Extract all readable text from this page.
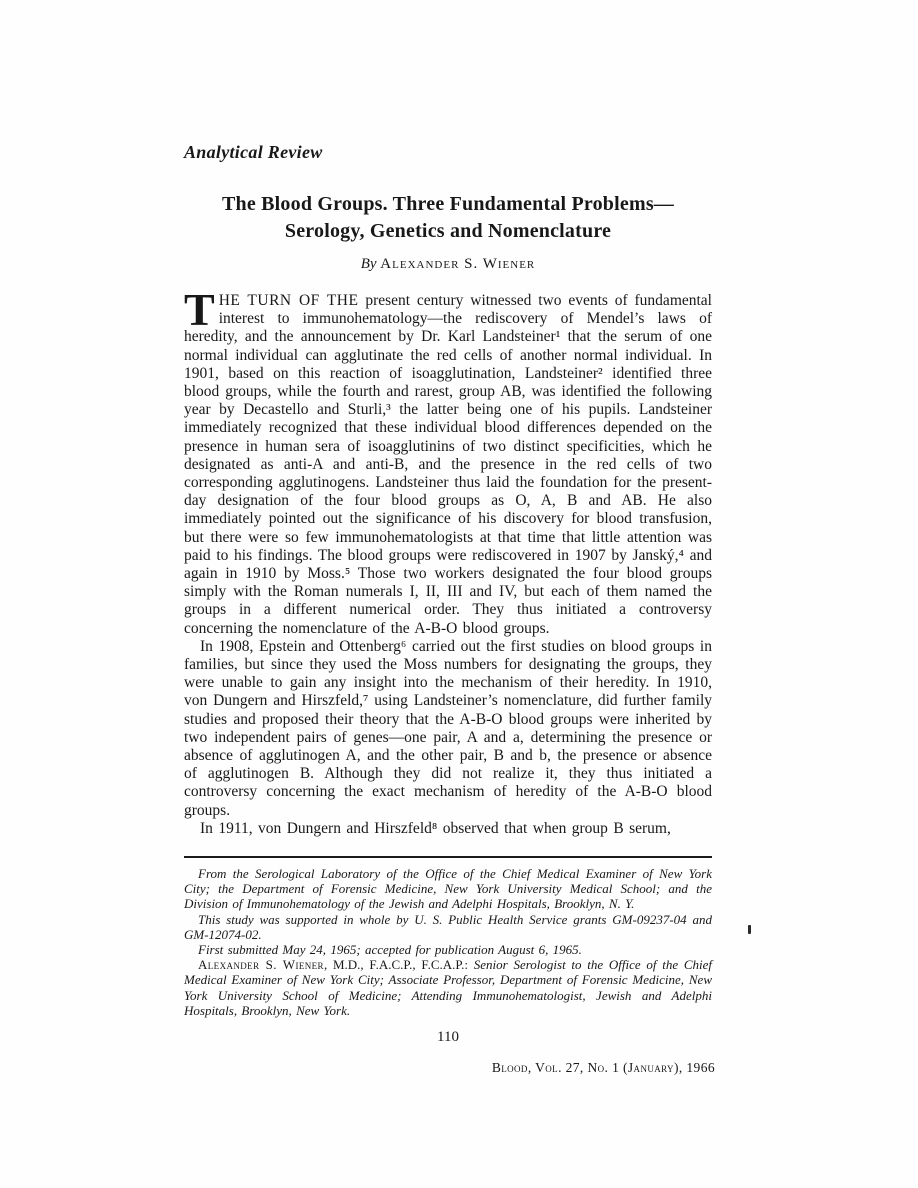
Analytical Review
The Blood Groups. Three Fundamental Problems—
Serology, Genetics and Nomenclature
By Alexander S. Wiener

THE TURN OF THE present century witnessed two events of fundamental interest to immunohematology—the rediscovery of Mendel’s laws of heredity, and the announcement by Dr. Karl Landsteiner¹ that the serum of one normal individual can agglutinate the red cells of another normal individual. In 1901, based on this reaction of isoagglutination, Landsteiner² identified three blood groups, while the fourth and rarest, group AB, was identified the following year by Decastello and Sturli,³ the latter being one of his pupils. Landsteiner immediately recognized that these individual blood differences depended on the presence in human sera of isoagglutinins of two distinct specificities, which he designated as anti-A and anti-B, and the presence in the red cells of two corresponding agglutinogens. Landsteiner thus laid the foundation for the present-day designation of the four blood groups as O, A, B and AB. He also immediately pointed out the significance of his discovery for blood transfusion, but there were so few immunohematologists at that time that little attention was paid to his findings. The blood groups were rediscovered in 1907 by Janský,⁴ and again in 1910 by Moss.⁵ Those two workers designated the four blood groups simply with the Roman numerals I, II, III and IV, but each of them named the groups in a different numerical order. They thus initiated a controversy concerning the nomenclature of the A-B-O blood groups.

In 1908, Epstein and Ottenberg⁶ carried out the first studies on blood groups in families, but since they used the Moss numbers for designating the groups, they were unable to gain any insight into the mechanism of their heredity. In 1910, von Dungern and Hirszfeld,⁷ using Landsteiner’s nomenclature, did further family studies and proposed their theory that the A-B-O blood groups were inherited by two independent pairs of genes—one pair, A and a, determining the presence or absence of agglutinogen A, and the other pair, B and b, the presence or absence of agglutinogen B. Although they did not realize it, they thus initiated a controversy concerning the exact mechanism of heredity of the A-B-O blood groups.

In 1911, von Dungern and Hirszfeld⁸ observed that when group B serum,

From the Serological Laboratory of the Office of the Chief Medical Examiner of New York City; the Department of Forensic Medicine, New York University Medical School; and the Division of Immunohematology of the Jewish and Adelphi Hospitals, Brooklyn, N. Y.

This study was supported in whole by U. S. Public Health Service grants GM-09237-04 and GM-12074-02.

First submitted May 24, 1965; accepted for publication August 6, 1965.

Alexander S. Wiener, M.D., F.A.C.P., F.C.A.P.: Senior Serologist to the Office of the Chief Medical Examiner of New York City; Associate Professor, Department of Forensic Medicine, New York University School of Medicine; Attending Immunohematologist, Jewish and Adelphi Hospitals, Brooklyn, New York.

110
Blood, Vol. 27, No. 1 (January), 1966
